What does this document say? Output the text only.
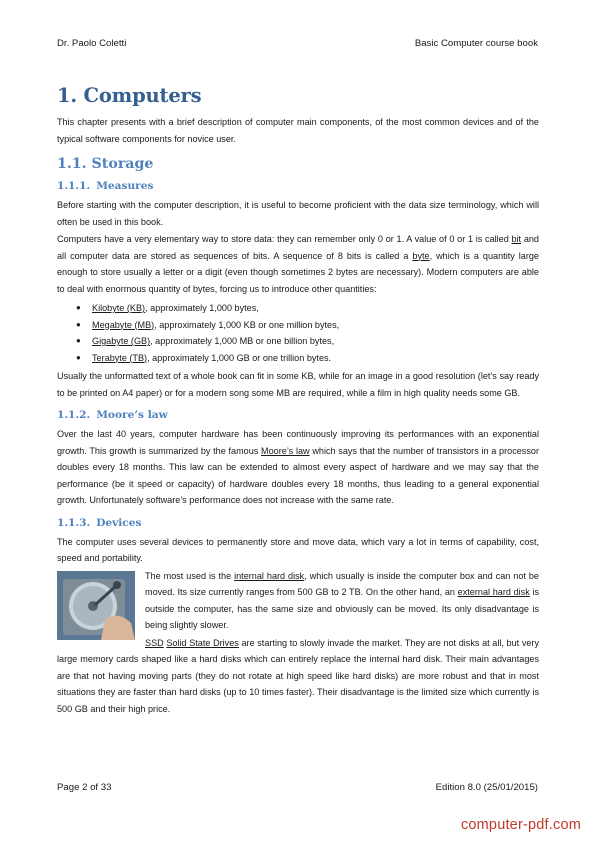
Dr. Paolo Coletti	Basic Computer course book
1. Computers

This chapter presents with a brief description of computer main components, of the most common devices and of the typical software components for novice user.

1.1. Storage
1.1.1. Measures

Before starting with the computer description, it is useful to become proficient with the data size terminology, which will often be used in this book.

Computers have a very elementary way to store data: they can remember only 0 or 1. A value of 0 or 1 is called bit and all computer data are stored as sequences of bits. A sequence of 8 bits is called a byte, which is a quantity large enough to store usually a letter or a digit (even though sometimes 2 bytes are necessary). Modern computers are able to deal with enormous quantity of bytes, forcing us to introduce other quantities:

● Kilobyte (KB), approximately 1,000 bytes,
● Megabyte (MB), approximately 1,000 KB or one million bytes,
● Gigabyte (GB), approximately 1,000 MB or one billion bytes,
● Terabyte (TB), approximately 1,000 GB or one trillion bytes.

Usually the unformatted text of a whole book can fit in some KB, while for an image in a good resolution (let’s say ready to be printed on A4 paper) or for a modern song some MB are required, while a film in high quality needs some GB.

1.1.2. Moore’s law

Over the last 40 years, computer hardware has been continuously improving its performances with an exponential growth. This growth is summarized by the famous Moore’s law which says that the number of transistors in a processor doubles every 18 months. This law can be extended to almost every aspect of hardware and we may say that the performance (be it speed or capacity) of hardware doubles every 18 months, thus leading to a general exponential growth. Unfortunately software’s performance does not increase with the same rate.

1.1.3. Devices

The computer uses several devices to permanently store and move data, which vary a lot in terms of capability, cost, speed and portability.

The most used is the internal hard disk, which usually is inside the computer box and can not be moved. Its size currently ranges from 500 GB to 2 TB. On the other hand, an external hard disk is outside the computer, has the same size and obviously can be moved. Its only disadvantage is being slightly slower.

SSD Solid State Drives are starting to slowly invade the market. They are not disks at all, but very large memory cards shaped like a hard disks which can entirely replace the internal hard disk. Their main advantages are that not having moving parts (they do not rotate at high speed like hard disks) are more robust and that in most situations they are faster than hard disks (up to 10 times faster). Their disadvantage is the limited size which currently is 500 GB and their high price.

Page 2 of 33	Edition 8.0 (25/01/2015)
computer-pdf.com
